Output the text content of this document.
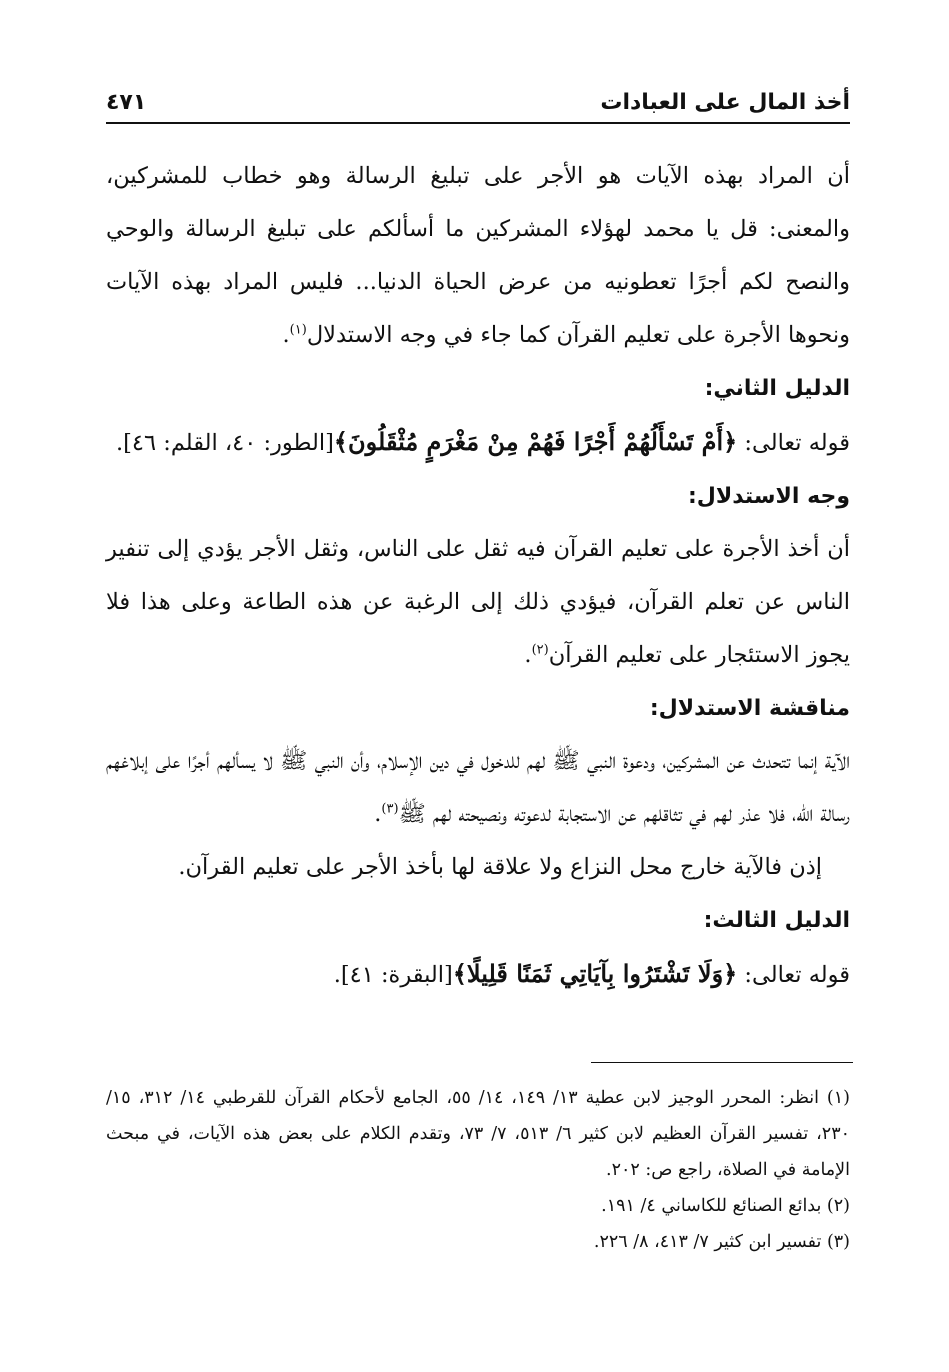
أخذ المال على العبادات
٤٧١

أن المراد بهذه الآيات هو الأجر على تبليغ الرسالة وهو خطاب للمشركين، والمعنى: قل يا محمد لهؤلاء المشركين ما أسألكم على تبليغ الرسالة والوحي والنصح لكم أجرًا تعطونيه من عرض الحياة الدنيا... فليس المراد بهذه الآيات ونحوها الأجرة على تعليم القرآن كما جاء في وجه الاستدلال$^{(١)}$.

الدليل الثاني:

قوله تعالى: ﴿أَمْ تَسْأَلُهُمْ أَجْرًا فَهُمْ مِنْ مَغْرَمٍ مُثْقَلُونَ﴾[الطور: ٤٠، القلم: ٤٦].

وجه الاستدلال:

أن أخذ الأجرة على تعليم القرآن فيه ثقل على الناس، وثقل الأجر يؤدي إلى تنفير الناس عن تعلم القرآن، فيؤدي ذلك إلى الرغبة عن هذه الطاعة وعلى هذا فلا يجوز الاستئجار على تعليم القرآن$^{(٢)}$.

مناقشة الاستدلال:

الآية إنما تتحدث عن المشركين، ودعوة النبي ﷺ لهم للدخول في دين الإسلام، وأن النبي ﷺ لا يسألهم أجرًا على إبلاغهم رسالة الله، فلا عذر لهم في تثاقلهم عن الاستجابة لدعوته ونصيحته لهم ﷺ$^{(٣)}$.

إذن فالآية خارج محل النزاع ولا علاقة لها بأخذ الأجر على تعليم القرآن.

الدليل الثالث:

قوله تعالى: ﴿وَلَا تَشْتَرُوا بِآيَاتِي ثَمَنًا قَلِيلًا﴾[البقرة: ٤١].

(١) انظر: المحرر الوجيز لابن عطية ١٣/ ١٤٩، ١٤/ ٥٥، الجامع لأحكام القرآن للقرطبي ١٤/ ٣١٢، ١٥/ ٢٣٠، تفسير القرآن العظيم لابن كثير ٦/ ٥١٣، ٧/ ٧٣، وتقدم الكلام على بعض هذه الآيات، في مبحث الإمامة في الصلاة، راجع ص: ٢٠٢.

(٢) بدائع الصنائع للكاساني ٤/ ١٩١.

(٣) تفسير ابن كثير ٧/ ٤١٣، ٨/ ٢٢٦.
